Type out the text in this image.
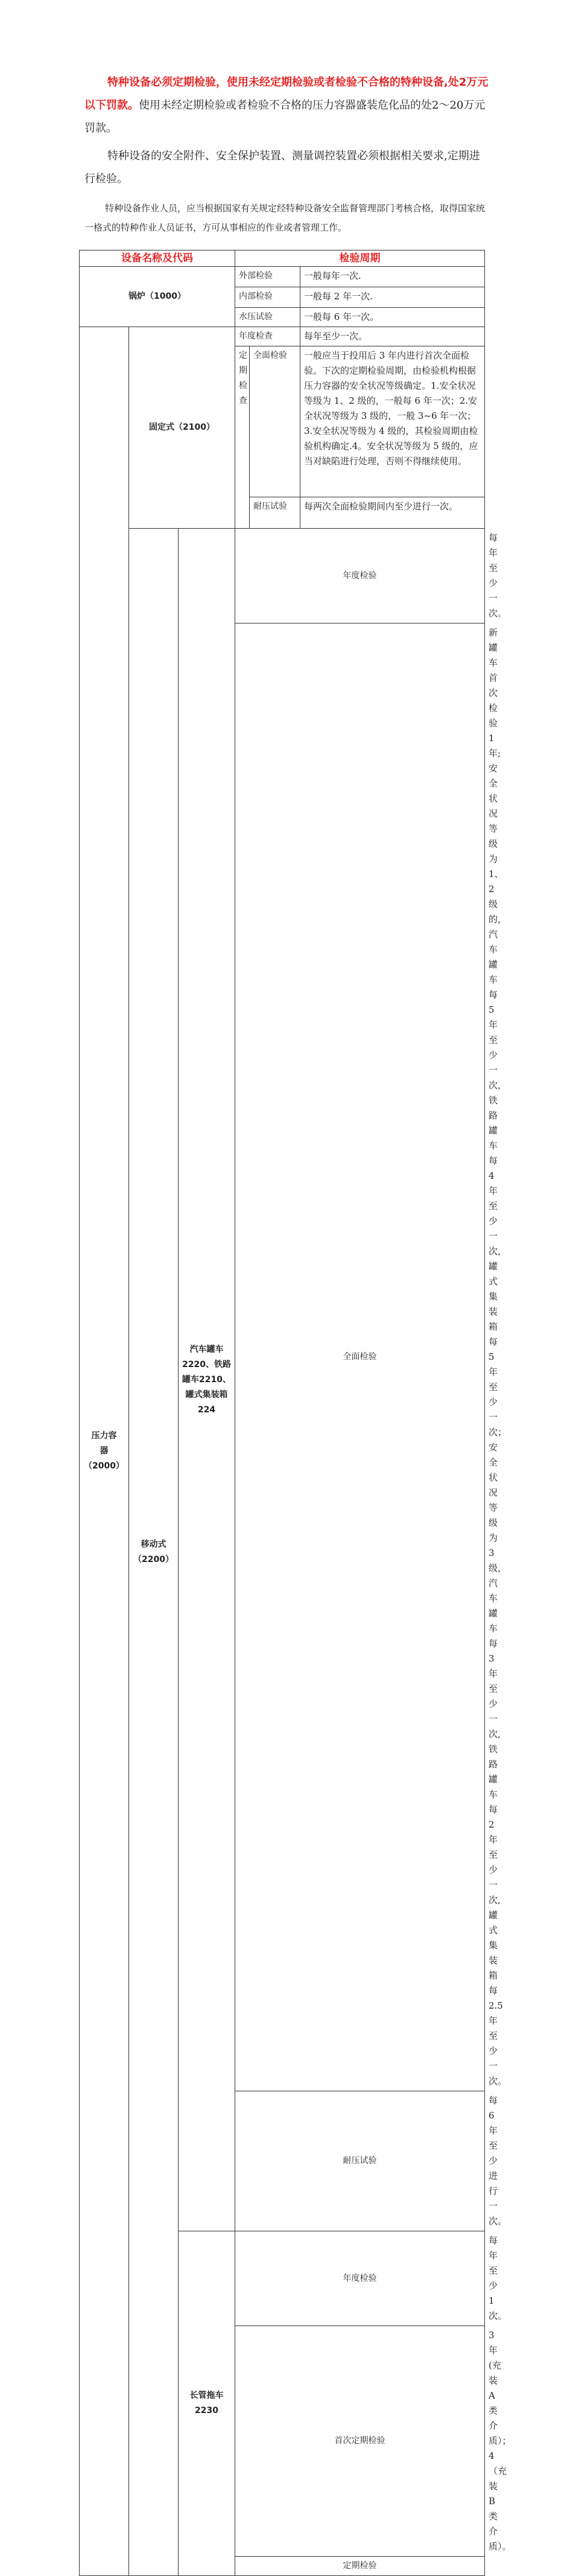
特种设备必须定期检验，使用未经定期检验或者检验不合格的特种设备,处2万元以下罚款。使用未经定期检验或者检验不合格的压力容器盛装危化品的处2～20万元罚款。

特种设备的安全附件、安全保护装置、测量调控装置必须根据相关要求,定期进行检验。

特种设备作业人员，应当根据国家有关规定经特种设备安全监督管理部门考核合格，取得国家统一格式的特种作业人员证书，方可从事相应的作业或者管理工作。

设备名称及代码			检验周期			
锅炉（1000）			外部检验		一般每年一次.	
			内部检验		一般每 2 年一次.	
			水压试验		一般每 6 年一次。	
压力容
器
（2000）	固定式（2100）		年度检查		每年至少一次。	

			定期检查	全面检验	一般应当于投用后 3 年内进行首次全面检验。下次的定期检验周期，由检验机构根据压力容器的安全状况等级确定。1.安全状况等级为 1、2 级的，一般每 6 年一次；2.安全状况等级为 3 级的，一般 3~6 年一次；3.安全状况等级为 4 级的，其检验周期由检验机构确定.4。安全状况等级为 5 级的，应当对缺陷进行处理，否则不得继续使用。	
				耐压试验	每两次全面检验期间内至少进行一次。	
	移动式
（2200）	汽车罐车2220、铁路罐车2210、罐式集装箱224	年度检验			每年至少一次。
			全面检验			新罐车首次检验 1 年;安全状况等级为 1、2 级的，汽车罐车每 5 年至少一次，铁路罐车每 4 年至少一次，罐式集装箱每 5 年至少一次；安全状况等级为 3 级，汽车罐车每 3 年至少一次,铁路罐车每 2 年至少一次,罐式集装箱每 2.5 年至少一次。
			耐压试验			每 6 年至少进行一次。
		长管拖车2230	年度检验			每年至少 1 次。
			首次定期检验			3 年(充装 A 类介质）；4（充装 B 类介质）。
			定期检验	
